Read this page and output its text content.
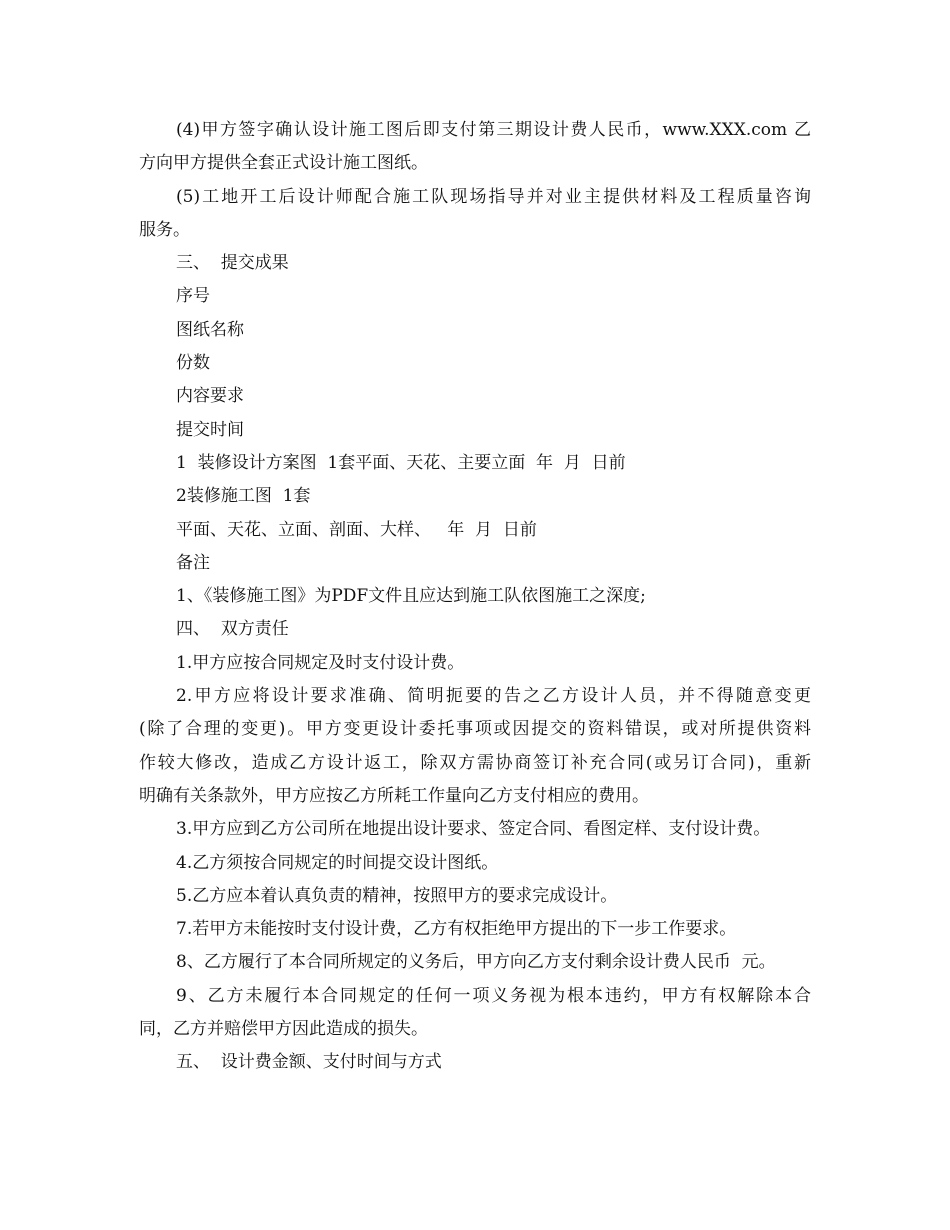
(4)甲方签字确认设计施工图后即支付第三期设计费人民币，www.XXX.com 乙
方向甲方提供全套正式设计施工图纸。
(5)工地开工后设计师配合施工队现场指导并对业主提供材料及工程质量咨询
服务。
三、  提交成果
序号
图纸名称
份数
内容要求
提交时间
1  装修设计方案图  1套平面、天花、主要立面  年  月  日前
2装修施工图  1套
平面、天花、立面、剖面、大样、   年  月  日前
备注
1、《装修施工图》为PDF文件且应达到施工队依图施工之深度;
四、  双方责任
1.甲方应按合同规定及时支付设计费。
2.甲方应将设计要求准确、简明扼要的告之乙方设计人员，并不得随意变更
(除了合理的变更)。甲方变更设计委托事项或因提交的资料错误，或对所提供资料
作较大修改，造成乙方设计返工，除双方需协商签订补充合同(或另订合同)，重新
明确有关条款外，甲方应按乙方所耗工作量向乙方支付相应的费用。
3.甲方应到乙方公司所在地提出设计要求、签定合同、看图定样、支付设计费。
4.乙方须按合同规定的时间提交设计图纸。
5.乙方应本着认真负责的精神，按照甲方的要求完成设计。
7.若甲方未能按时支付设计费，乙方有权拒绝甲方提出的下一步工作要求。
8、乙方履行了本合同所规定的义务后，甲方向乙方支付剩余设计费人民币  元。
9、乙方未履行本合同规定的任何一项义务视为根本违约，甲方有权解除本合
同，乙方并赔偿甲方因此造成的损失。
五、  设计费金额、支付时间与方式
